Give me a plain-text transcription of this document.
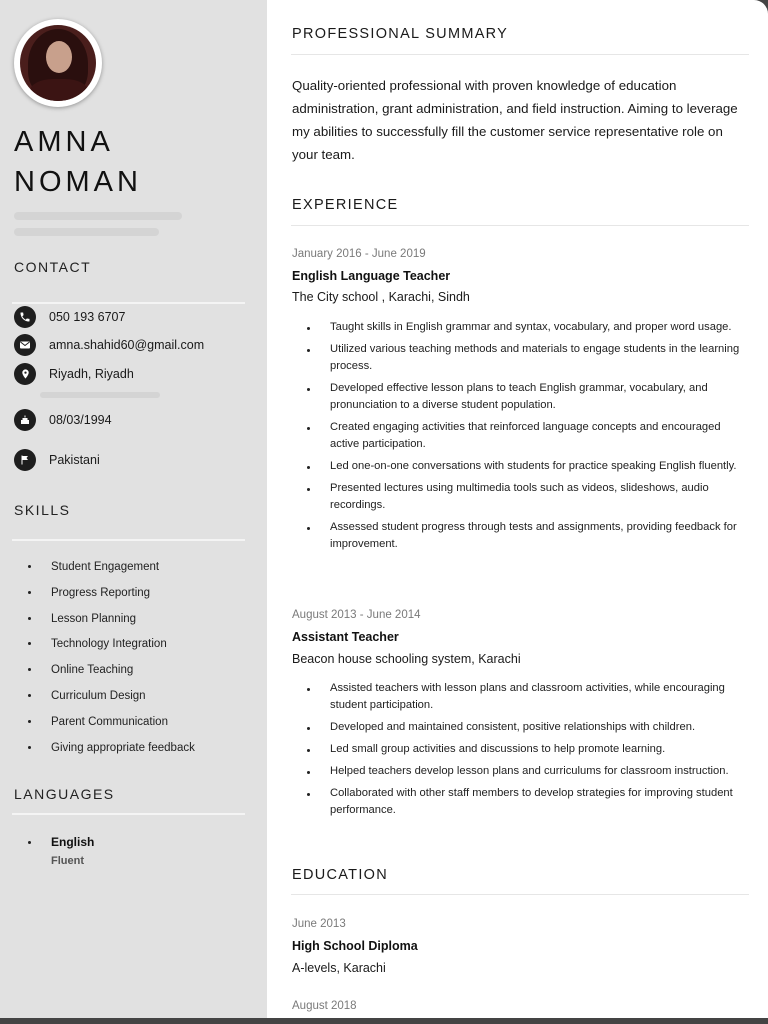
AMNA
NOMAN
CONTACT
050 193 6707
amna.shahid60@gmail.com
Riyadh, Riyadh
08/03/1994
Pakistani
SKILLS
Student Engagement
Progress Reporting
Lesson Planning
Technology Integration
Online Teaching
Curriculum Design
Parent Communication
Giving appropriate feedback
LANGUAGES
English
Fluent
PROFESSIONAL SUMMARY
Quality-oriented professional with proven knowledge of education administration, grant administration, and field instruction. Aiming to leverage my abilities to successfully fill the customer service representative role on your team.
EXPERIENCE
January 2016 - June 2019
English Language Teacher
The City school , Karachi, Sindh
Taught skills in English grammar and syntax, vocabulary, and proper word usage.
Utilized various teaching methods and materials to engage students in the learning process.
Developed effective lesson plans to teach English grammar, vocabulary, and pronunciation to a diverse student population.
Created engaging activities that reinforced language concepts and encouraged active participation.
Led one-on-one conversations with students for practice speaking English fluently.
Presented lectures using multimedia tools such as videos, slideshows, audio recordings.
Assessed student progress through tests and assignments, providing feedback for improvement.
August 2013 - June 2014
Assistant Teacher
Beacon house schooling system, Karachi
Assisted teachers with lesson plans and classroom activities, while encouraging student participation.
Developed and maintained consistent, positive relationships with children.
Led small group activities and discussions to help promote learning.
Helped teachers develop lesson plans and curriculums for classroom instruction.
Collaborated with other staff members to develop strategies for improving student performance.
EDUCATION
June 2013
High School Diploma
A-levels, Karachi
August 2018
